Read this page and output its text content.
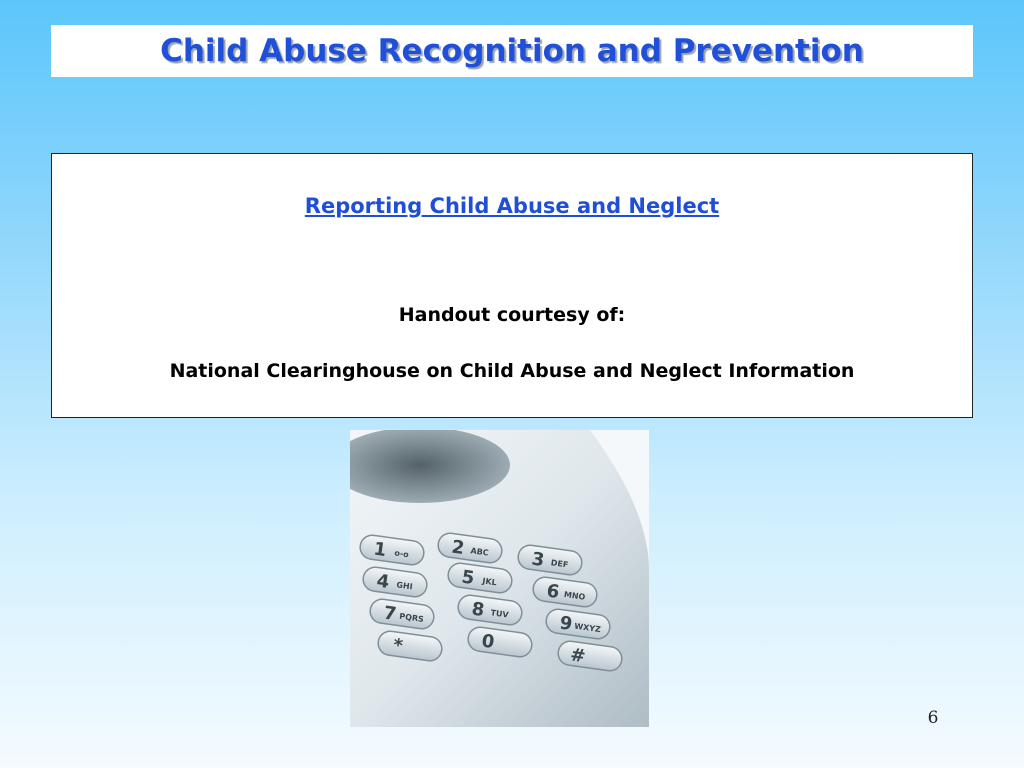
Child Abuse Recognition and Prevention
Reporting Child Abuse and Neglect
Handout courtesy of:
National Clearinghouse on Child Abuse and Neglect Information
1 o-o 2 ABC 3 DEF
4 GHI	5 JKL	6 MNO
7 PQRS	8 TUV	9 WXYZ
*	0
#
6
